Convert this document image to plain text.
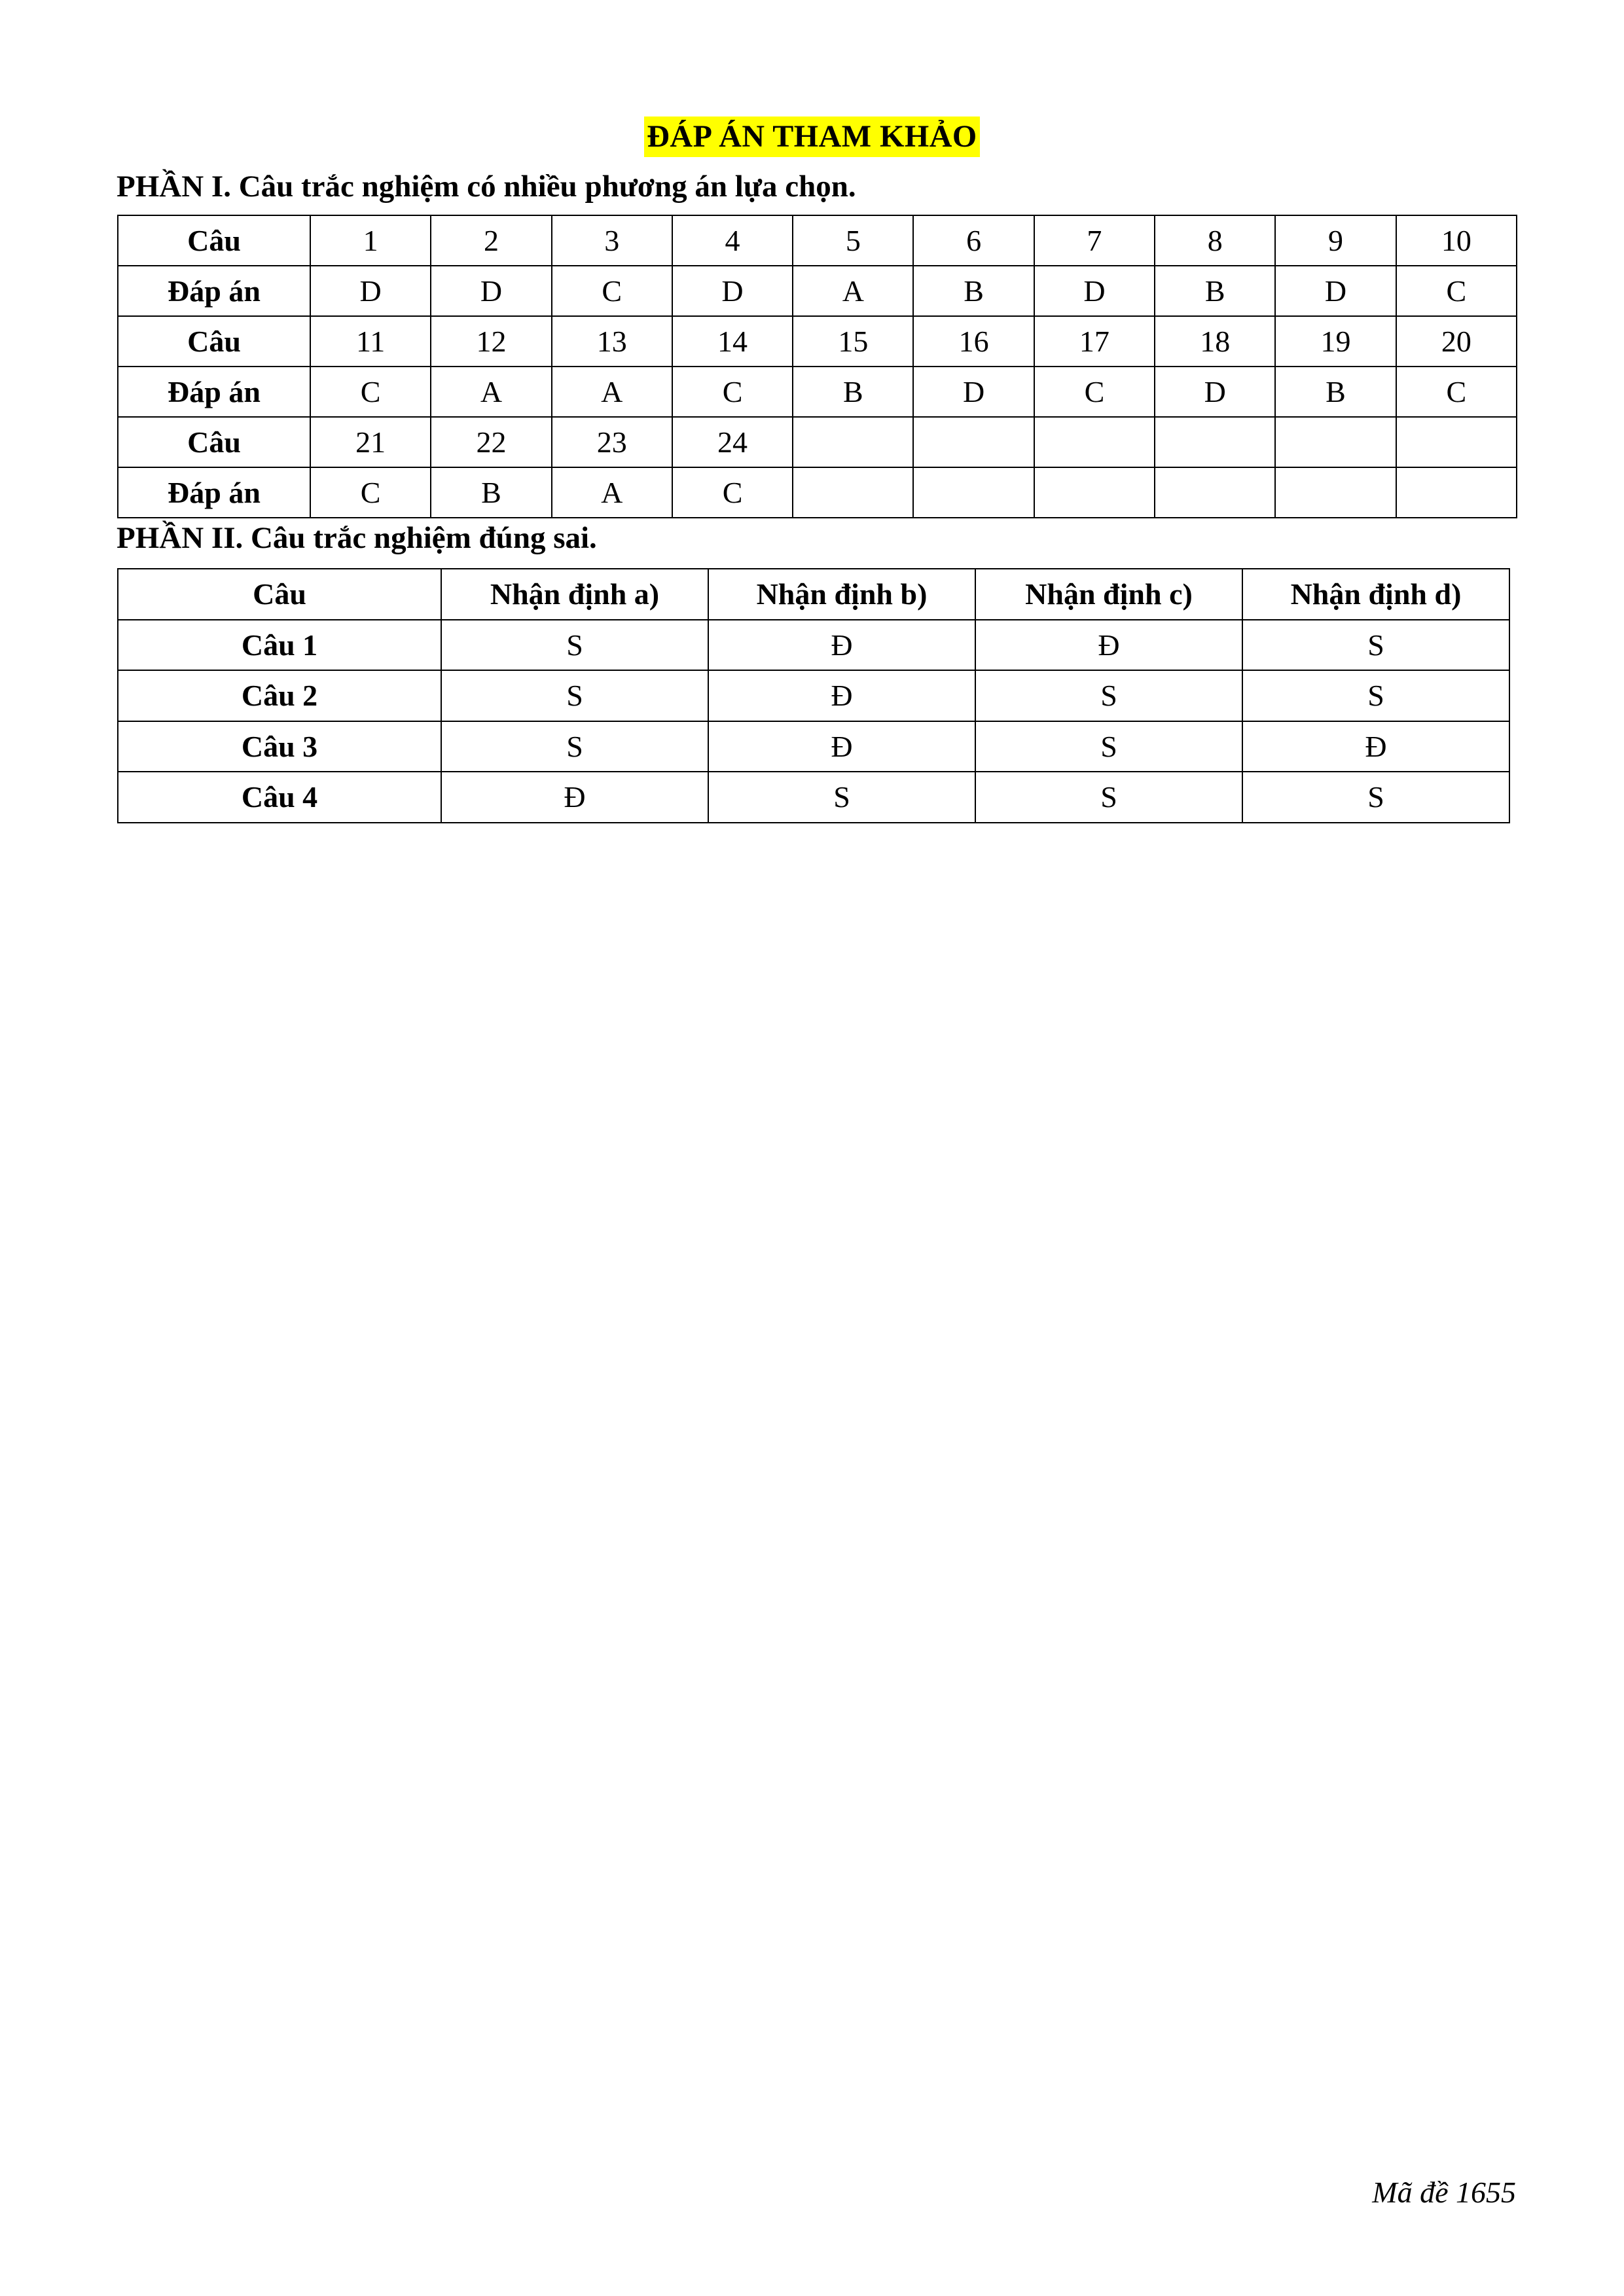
ĐÁP ÁN THAM KHẢO

PHẦN I. Câu trắc nghiệm có nhiều phương án lựa chọn.

Câu	1	2	3	4	5	6	7	8	9	10
Đáp án	D	D	C	D	A	B	D	B	D	C
Câu	11	12	13	14	15	16	17	18	19	20
Đáp án	C	A	A	C	B	D	C	D	B	C
Câu	21	22	23	24						
Đáp án	C	B	A	C						

PHẦN II. Câu trắc nghiệm đúng sai.

Câu	Nhận định a)	Nhận định b)	Nhận định c)	Nhận định d)
Câu 1	S	Đ	Đ	S
Câu 2	S	Đ	S	S
Câu 3	S	Đ	S	Đ
Câu 4	Đ	S	S	S
Mã đề 1655
